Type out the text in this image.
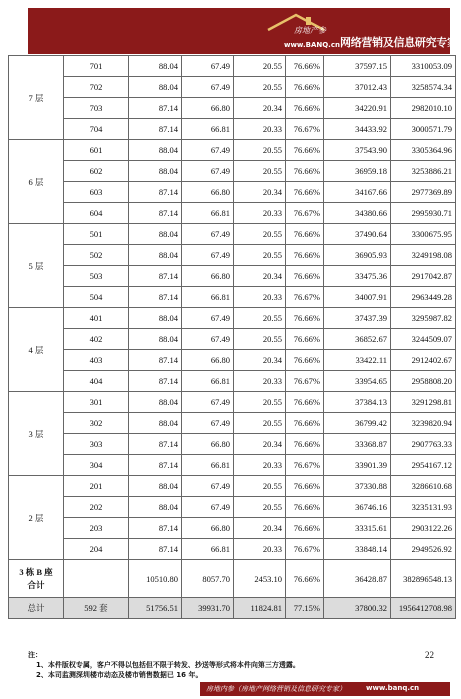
房地产参
www.BANQ.cn 网络营销及信息研究专家
7 层	701	88.04	67.49	20.55	76.66%	37597.15	3310053.09
	702	88.04	67.49	20.55	76.66%	37012.43	3258574.34
	703	87.14	66.80	20.34	76.66%	34220.91	2982010.10
	704	87.14	66.81	20.33	76.67%	34433.92	3000571.79
6 层	601	88.04	67.49	20.55	76.66%	37543.90	3305364.96
	602	88.04	67.49	20.55	76.66%	36959.18	3253886.21
	603	87.14	66.80	20.34	76.66%	34167.66	2977369.89
	604	87.14	66.81	20.33	76.67%	34380.66	2995930.71
5 层	501	88.04	67.49	20.55	76.66%	37490.64	3300675.95
	502	88.04	67.49	20.55	76.66%	36905.93	3249198.08
	503	87.14	66.80	20.34	76.66%	33475.36	2917042.87
	504	87.14	66.81	20.33	76.67%	34007.91	2963449.28
4 层	401	88.04	67.49	20.55	76.66%	37437.39	3295987.82
	402	88.04	67.49	20.55	76.66%	36852.67	3244509.07
	403	87.14	66.80	20.34	76.66%	33422.11	2912402.67
	404	87.14	66.81	20.33	76.67%	33954.65	2958808.20
3 层	301	88.04	67.49	20.55	76.66%	37384.13	3291298.81
	302	88.04	67.49	20.55	76.66%	36799.42	3239820.94
	303	87.14	66.80	20.34	76.66%	33368.87	2907763.33
	304	87.14	66.81	20.33	76.67%	33901.39	2954167.12
2 层	201	88.04	67.49	20.55	76.66%	37330.88	3286610.68
	202	88.04	67.49	20.55	76.66%	36746.16	3235131.93
	203	87.14	66.80	20.34	76.66%	33315.61	2903122.26
	204	87.14	66.81	20.33	76.67%	33848.14	2949526.92

3 栋 B 座
合计		10510.80	8057.70	2453.10	76.66%	36428.87	382896548.13
总计	592 套	51756.51	39931.70	11824.81	77.15%	37800.32	1956412708.98
注：
1、本件版权专属，客户不得以包括但不限于转发、抄送等形式将本件向第三方透露。
2、本司监测深圳楼市动态及楼市销售数据已 16 年。
22
房地内参（房地产网络营销及信息研究专家）	www.banq.cn
